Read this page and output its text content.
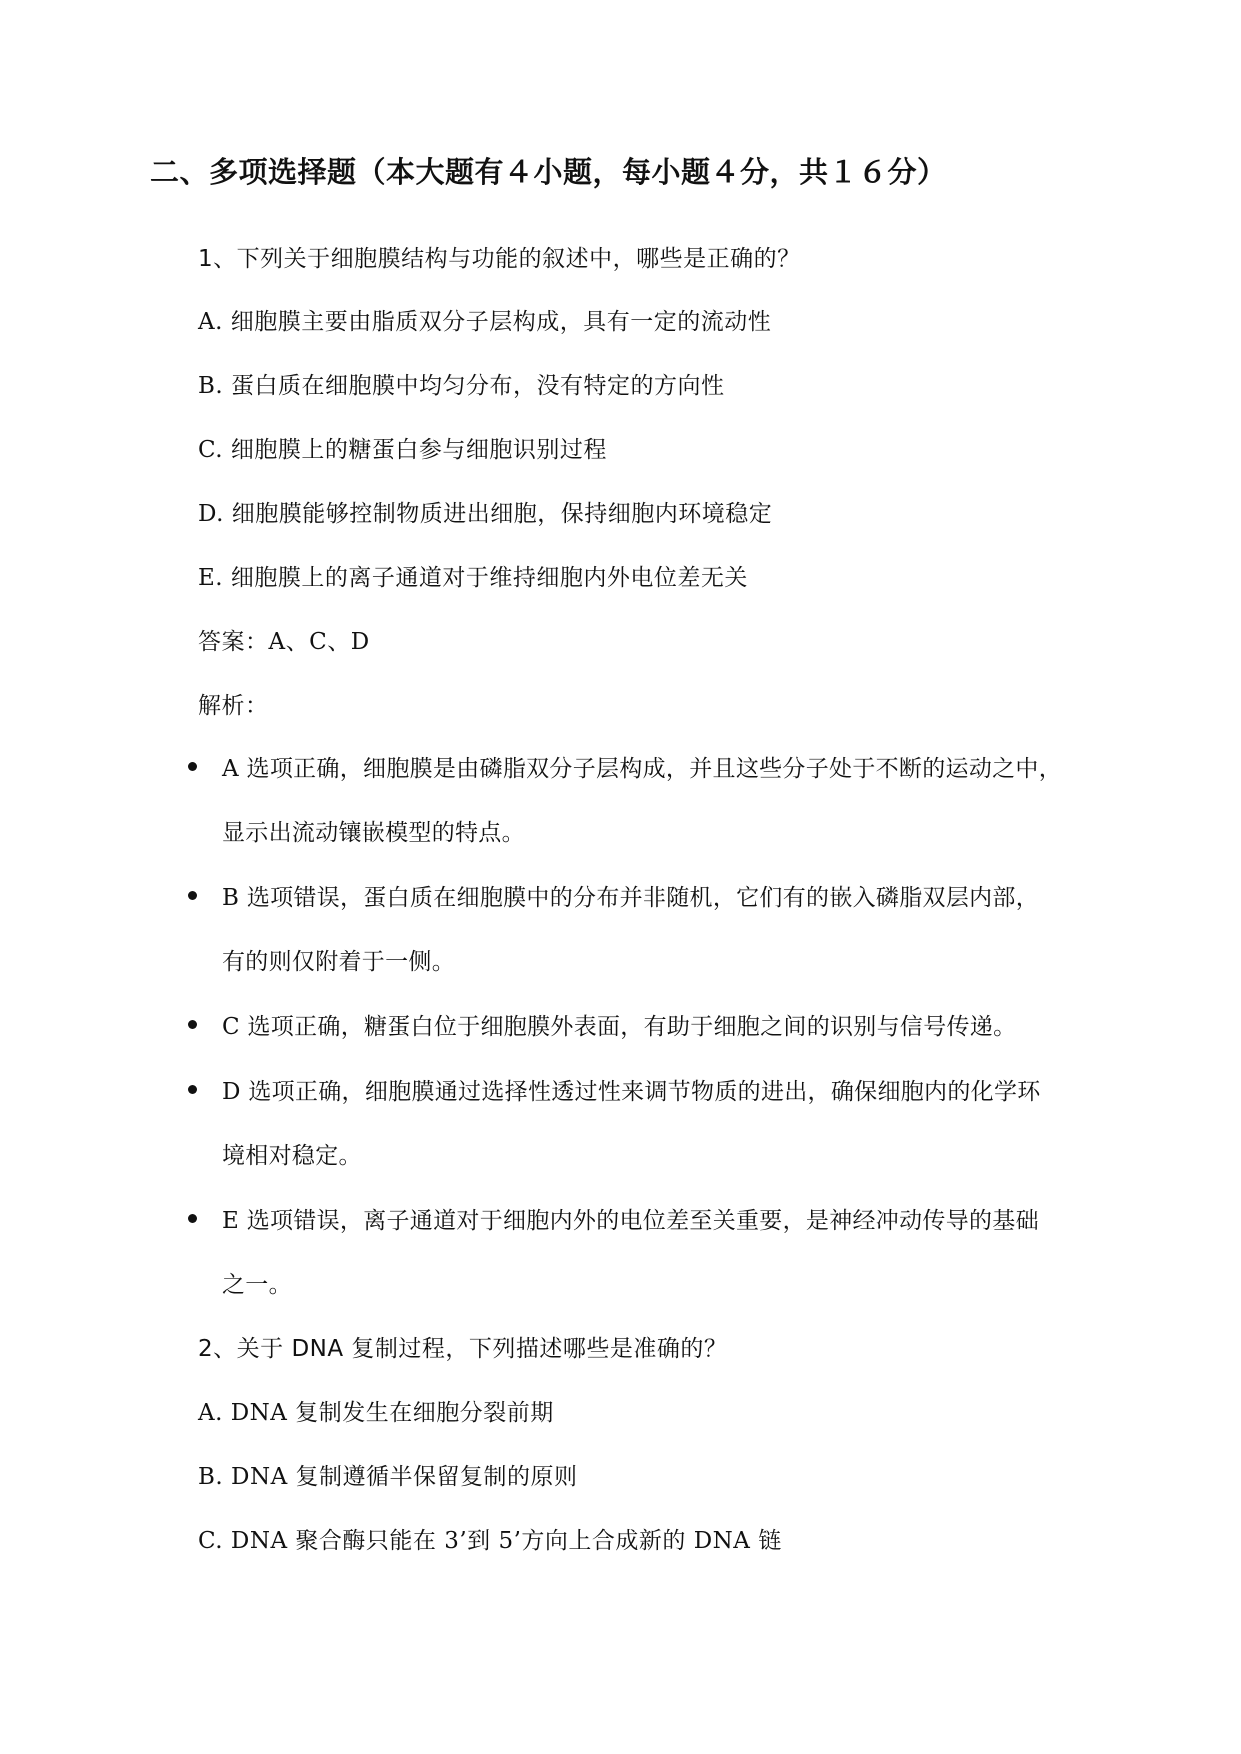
二、多项选择题（本大题有４小题，每小题４分，共１６分）
1、下列关于细胞膜结构与功能的叙述中，哪些是正确的？
A. 细胞膜主要由脂质双分子层构成，具有一定的流动性
B. 蛋白质在细胞膜中均匀分布，没有特定的方向性
C. 细胞膜上的糖蛋白参与细胞识别过程
D. 细胞膜能够控制物质进出细胞，保持细胞内环境稳定
E. 细胞膜上的离子通道对于维持细胞内外电位差无关
答案：A、C、D
解析：
A 选项正确，细胞膜是由磷脂双分子层构成，并且这些分子处于不断的运动之中，
显示出流动镶嵌模型的特点。
B 选项错误，蛋白质在细胞膜中的分布并非随机，它们有的嵌入磷脂双层内部，
有的则仅附着于一侧。
C 选项正确，糖蛋白位于细胞膜外表面，有助于细胞之间的识别与信号传递。
D 选项正确，细胞膜通过选择性透过性来调节物质的进出，确保细胞内的化学环
境相对稳定。
E 选项错误，离子通道对于细胞内外的电位差至关重要，是神经冲动传导的基础
之一。
2、关于 DNA 复制过程，下列描述哪些是准确的？
A. DNA 复制发生在细胞分裂前期
B. DNA 复制遵循半保留复制的原则
C. DNA 聚合酶只能在 3’到 5’方向上合成新的 DNA 链
